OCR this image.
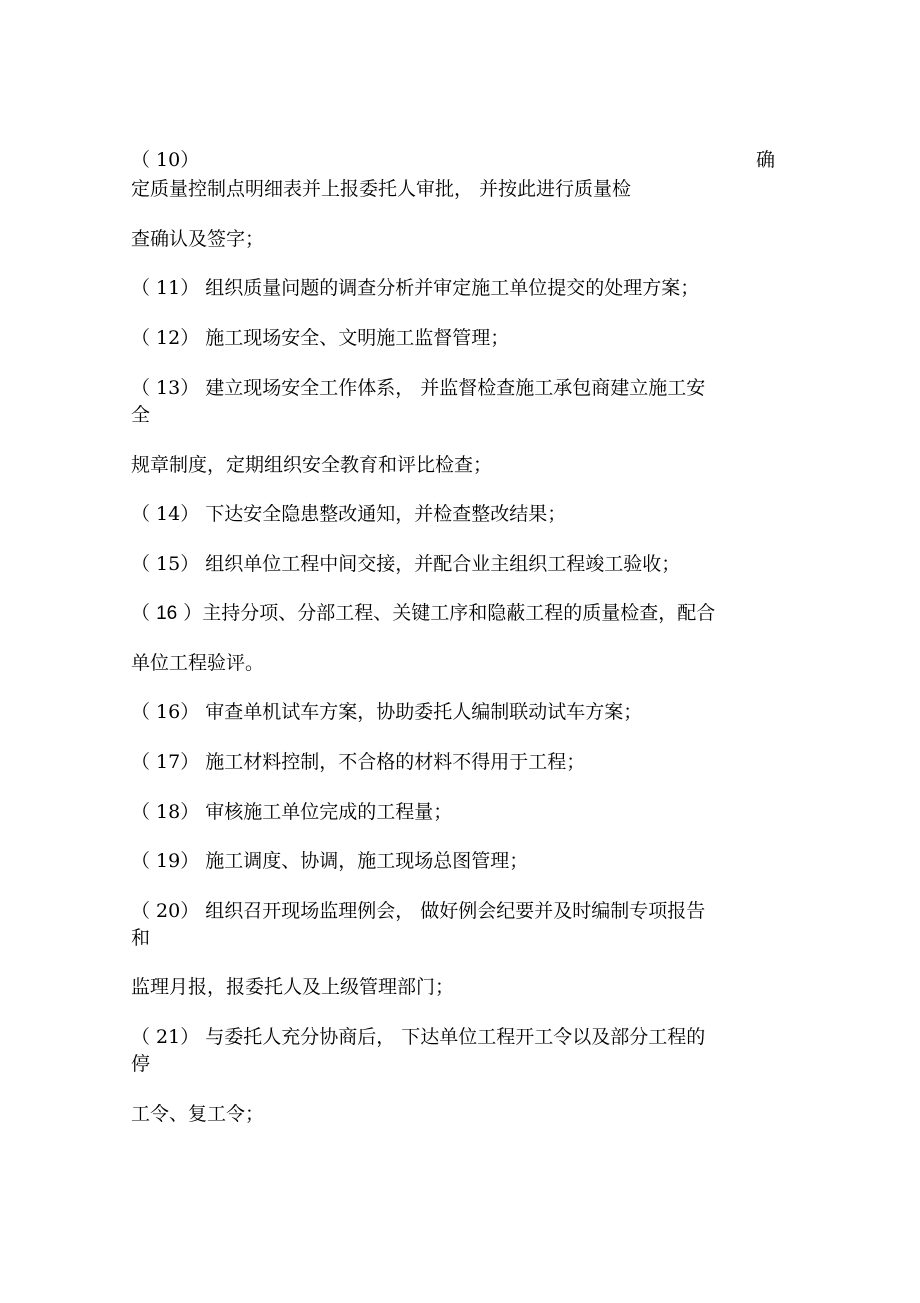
（ 10）	确
定质量控制点明细表并上报委托人审批， 并按此进行质量检
查确认及签字；
（ 11） 组织质量问题的调查分析并审定施工单位提交的处理方案；
（ 12） 施工现场安全、文明施工监督管理；
（ 13） 建立现场安全工作体系， 并监督检查施工承包商建立施工安
全
规章制度，定期组织安全教育和评比检查；
（ 14） 下达安全隐患整改通知，并检查整改结果；
（ 15） 组织单位工程中间交接，并配合业主组织工程竣工验收；
（ 16 ）主持分项、分部工程、关键工序和隐蔽工程的质量检查，配合
单位工程验评。
（ 16） 审查单机试车方案，协助委托人编制联动试车方案；
（ 17） 施工材料控制，不合格的材料不得用于工程；
（ 18） 审核施工单位完成的工程量；
（ 19） 施工调度、协调，施工现场总图管理；
（ 20） 组织召开现场监理例会， 做好例会纪要并及时编制专项报告
和
监理月报，报委托人及上级管理部门；
（ 21） 与委托人充分协商后， 下达单位工程开工令以及部分工程的
停
工令、复工令；
